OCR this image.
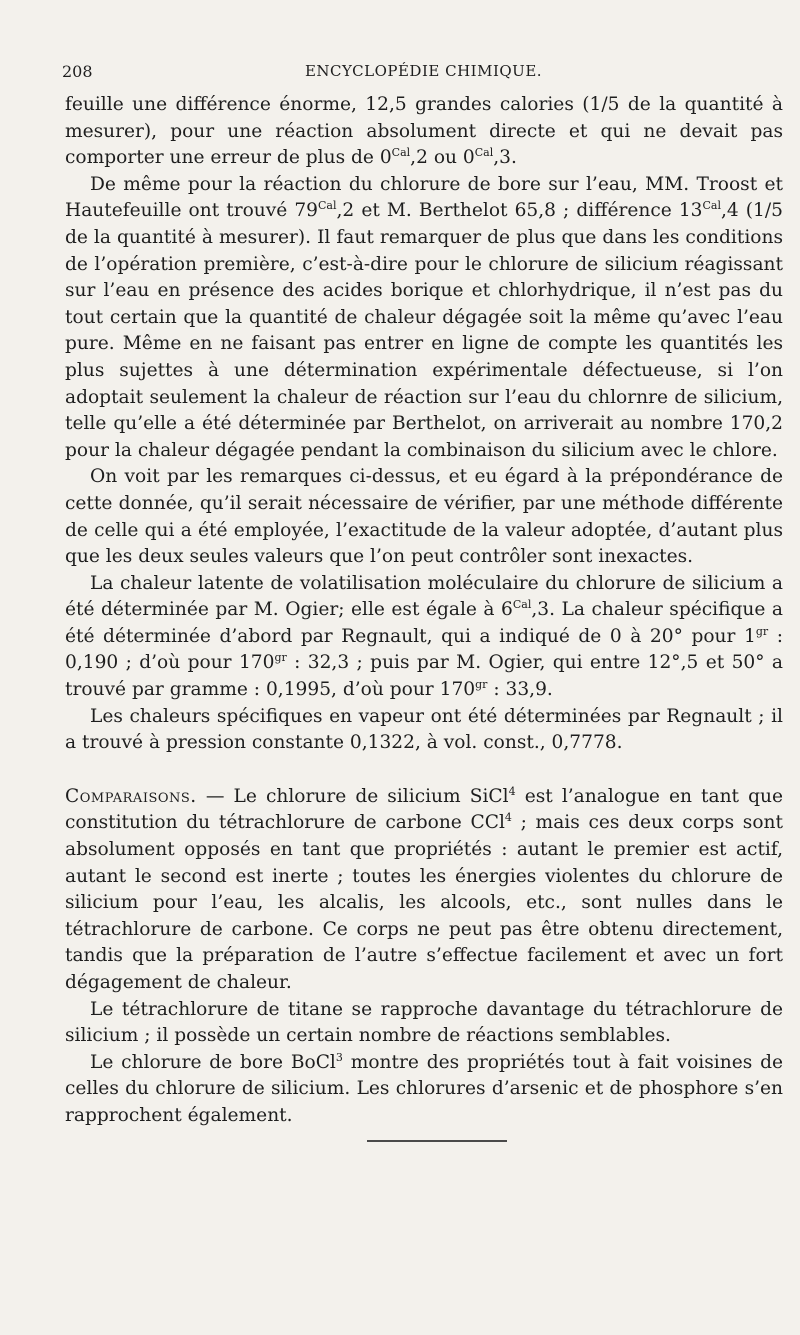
208	ENCYCLOPÉDIE CHIMIQUE.

feuille une différence énorme, 12,5 grandes calories (1/5 de la quantité à mesurer), pour une réaction absolument directe et qui ne devait pas comporter une erreur de plus de $0^{Cal},2$ ou $0^{Cal},3$.

De même pour la réaction du chlorure de bore sur l’eau, MM. Troost et Hautefeuille ont trouvé $79^{Cal},2$ et M. Berthelot 65,8 ; différence $13^{Cal},4$ (1/5 de la quantité à mesurer). Il faut remarquer de plus que dans les conditions de l’opération première, c’est-à-dire pour le chlorure de silicium réagissant sur l’eau en présence des acides borique et chlorhydrique, il n’est pas du tout certain que la quantité de chaleur dégagée soit la même qu’avec l’eau pure. Même en ne faisant pas entrer en ligne de compte les quantités les plus sujettes à une détermination expérimentale défectueuse, si l’on adoptait seulement la chaleur de réaction sur l’eau du chlornre de silicium, telle qu’elle a été déterminée par Berthelot, on arriverait au nombre 170,2 pour la chaleur dégagée pendant la combinaison du silicium avec le chlore.

On voit par les remarques ci-dessus, et eu égard à la prépondérance de cette donnée, qu’il serait nécessaire de vérifier, par une méthode différente de celle qui a été employée, l’exactitude de la valeur adoptée, d’autant plus que les deux seules valeurs que l’on peut contrôler sont inexactes.

La chaleur latente de volatilisation moléculaire du chlorure de silicium a été déterminée par M. Ogier; elle est égale à $6^{Cal},3$. La chaleur spécifique a été déterminée d’abord par Regnault, qui a indiqué de 0 à 20° pour $1^{gr}$ : 0,190 ; d’où pour $170^{gr}$ : 32,3 ; puis par M. Ogier, qui entre 12°,5 et 50° a trouvé par gramme : 0,1995, d’où pour $170^{gr}$ : 33,9.

Les chaleurs spécifiques en vapeur ont été déterminées par Regnault ; il a trouvé à pression constante 0,1322, à vol. const., 0,7778.

Comparaisons. — Le chlorure de silicium SiCl$^4$ est l’analogue en tant que constitution du tétrachlorure de carbone CCl$^4$ ; mais ces deux corps sont absolument opposés en tant que propriétés : autant le premier est actif, autant le second est inerte ; toutes les énergies violentes du chlorure de silicium pour l’eau, les alcalis, les alcools, etc., sont nulles dans le tétrachlorure de carbone. Ce corps ne peut pas être obtenu directement, tandis que la préparation de l’autre s’effectue facilement et avec un fort dégagement de chaleur.

Le tétrachlorure de titane se rapproche davantage du tétrachlorure de silicium ; il possède un certain nombre de réactions semblables.

Le chlorure de bore BoCl$^3$ montre des propriétés tout à fait voisines de celles du chlorure de silicium. Les chlorures d’arsenic et de phosphore s’en rapprochent également.
